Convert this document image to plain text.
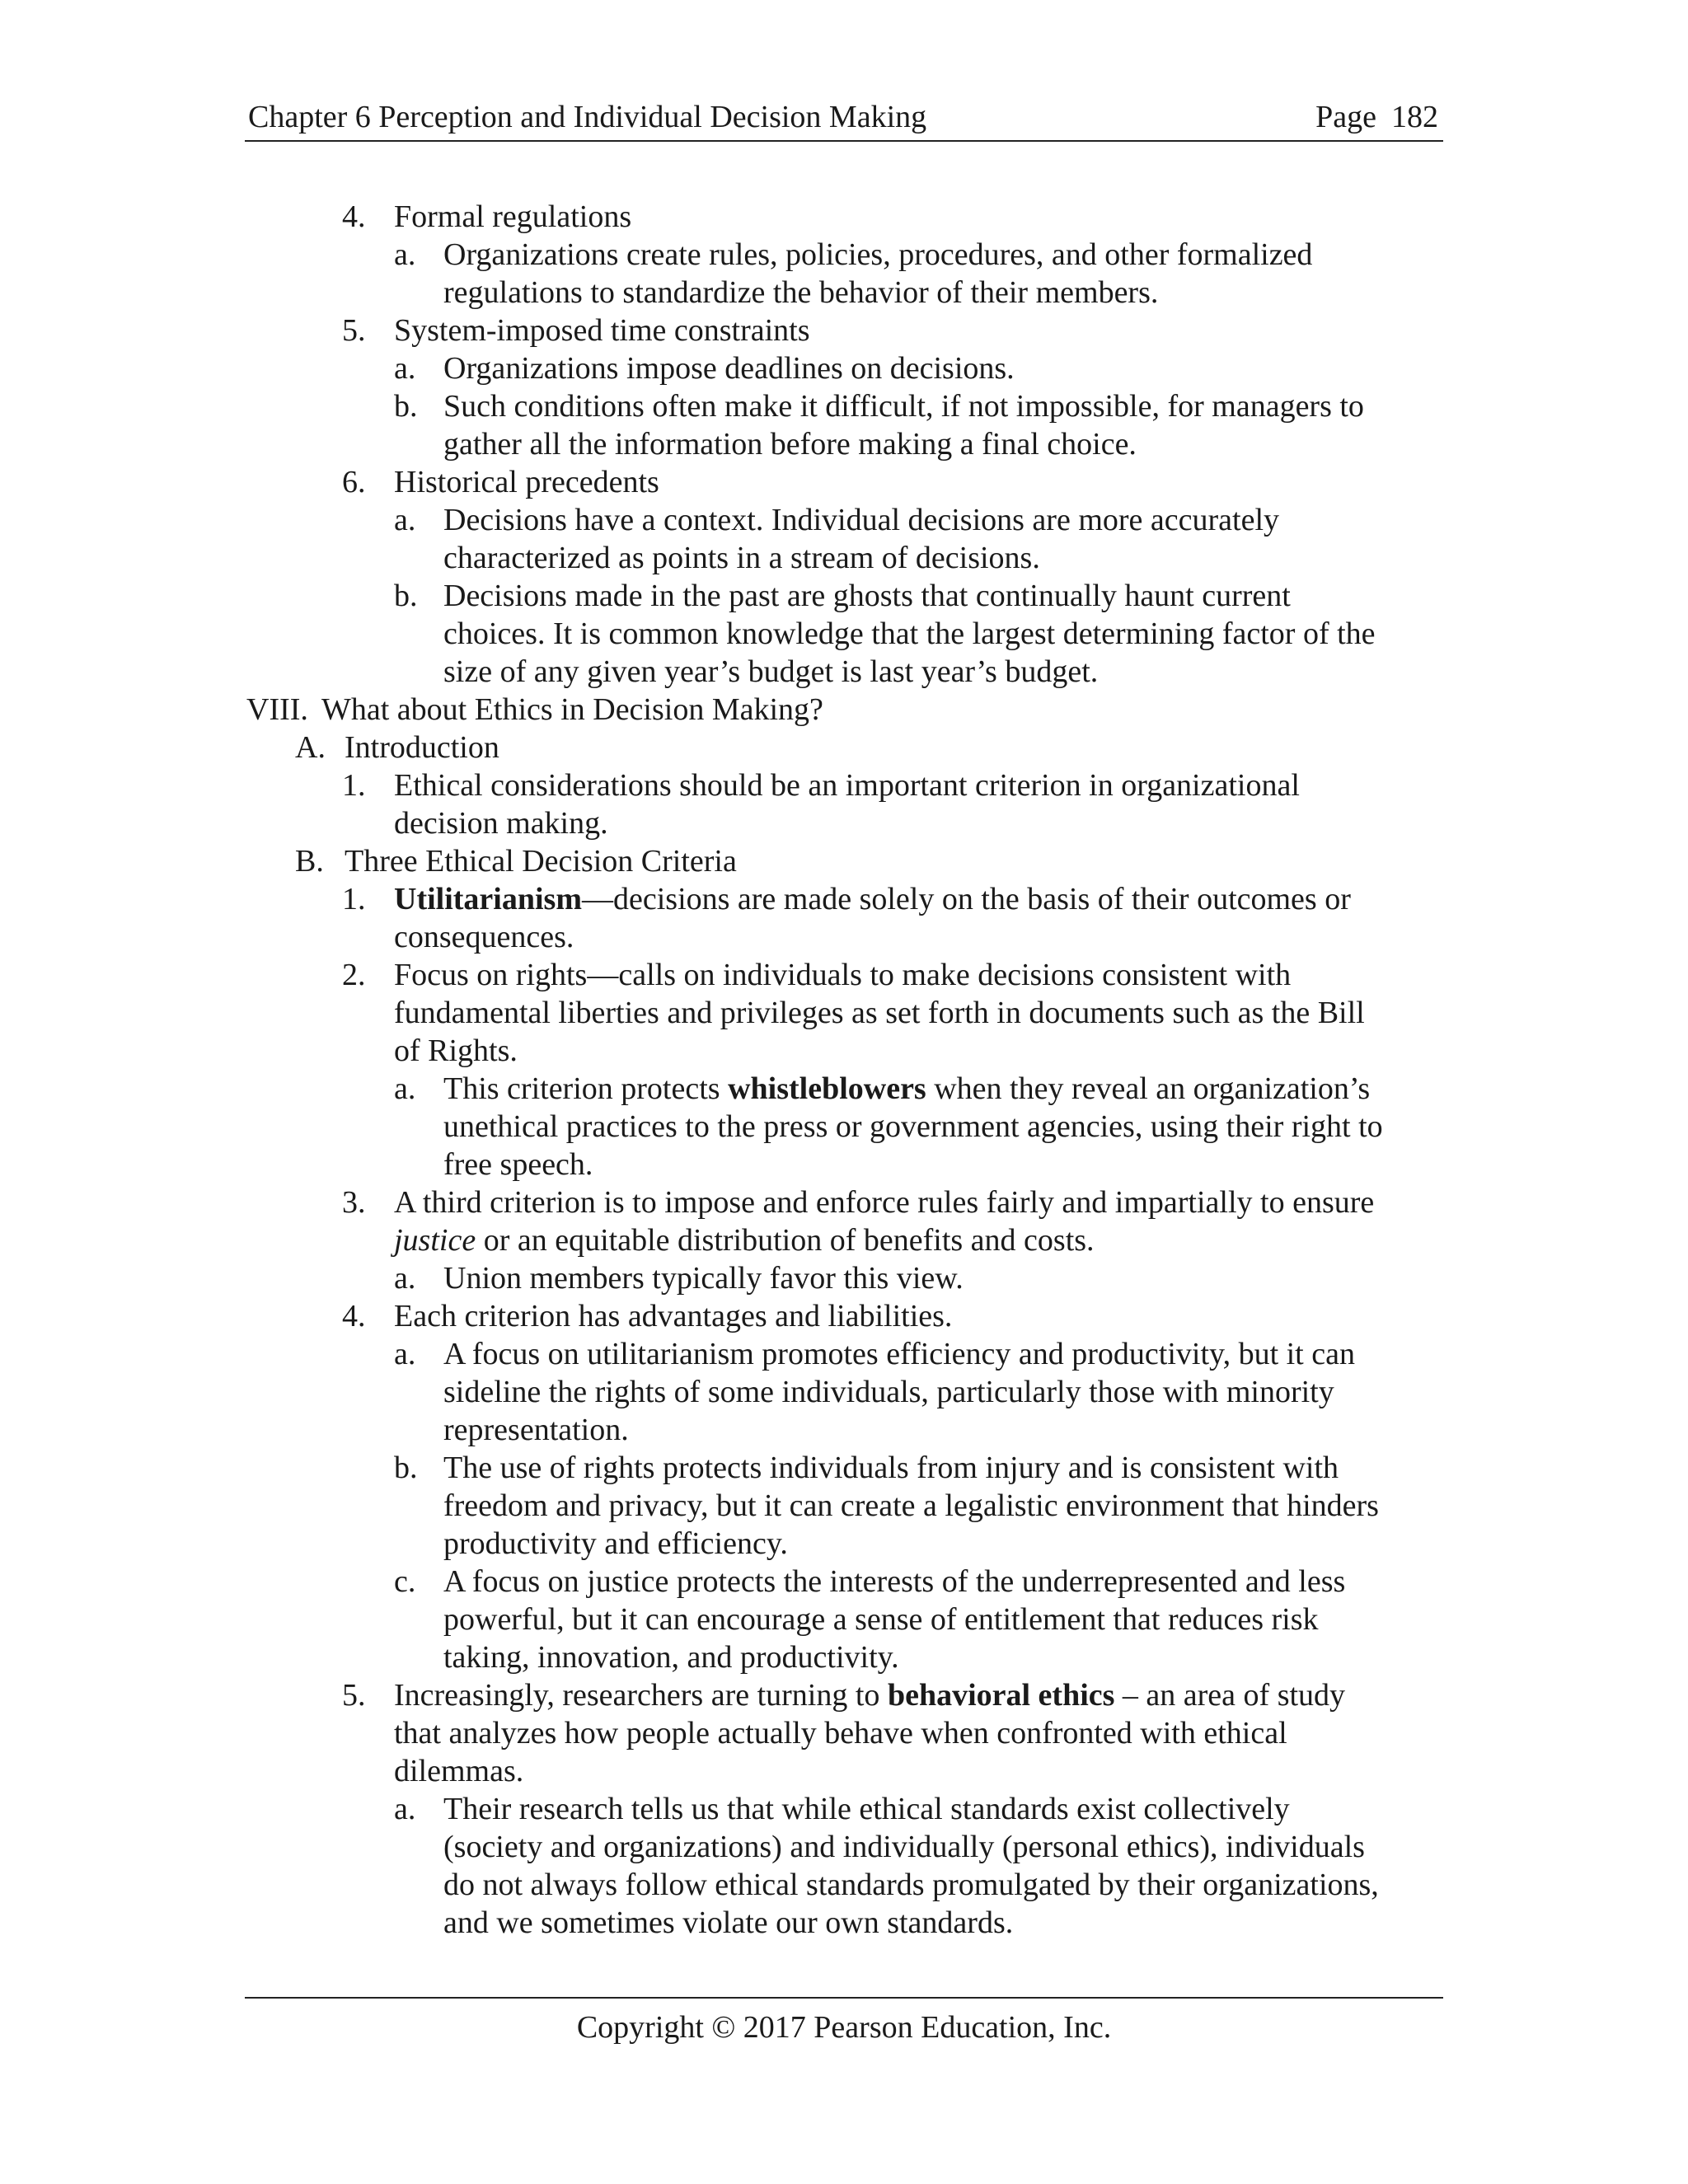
Chapter 6 Perception and Individual Decision Making	Page 182
4. Formal regulations
a. Organizations create rules, policies, procedures, and other formalized
regulations to standardize the behavior of their members.
5. System-imposed time constraints
a. Organizations impose deadlines on decisions.
b. Such conditions often make it difficult, if not impossible, for managers to
gather all the information before making a final choice.
6. Historical precedents
a. Decisions have a context. Individual decisions are more accurately
characterized as points in a stream of decisions.
b. Decisions made in the past are ghosts that continually haunt current
choices. It is common knowledge that the largest determining factor of the
size of any given year’s budget is last year’s budget.
VIII. What about Ethics in Decision Making?
A. Introduction
1. Ethical considerations should be an important criterion in organizational
decision making.
B. Three Ethical Decision Criteria
1. Utilitarianism—decisions are made solely on the basis of their outcomes or
consequences.
2. Focus on rights—calls on individuals to make decisions consistent with
fundamental liberties and privileges as set forth in documents such as the Bill
of Rights.
a. This criterion protects whistleblowers when they reveal an organization’s
unethical practices to the press or government agencies, using their right to
free speech.
3. A third criterion is to impose and enforce rules fairly and impartially to ensure
justice or an equitable distribution of benefits and costs.
a. Union members typically favor this view.
4. Each criterion has advantages and liabilities.
a. A focus on utilitarianism promotes efficiency and productivity, but it can
sideline the rights of some individuals, particularly those with minority
representation.
b. The use of rights protects individuals from injury and is consistent with
freedom and privacy, but it can create a legalistic environment that hinders
productivity and efficiency.
c. A focus on justice protects the interests of the underrepresented and less
powerful, but it can encourage a sense of entitlement that reduces risk
taking, innovation, and productivity.
5. Increasingly, researchers are turning to behavioral ethics – an area of study
that analyzes how people actually behave when confronted with ethical
dilemmas.
a. Their research tells us that while ethical standards exist collectively
(society and organizations) and individually (personal ethics), individuals
do not always follow ethical standards promulgated by their organizations,
and we sometimes violate our own standards.
Copyright © 2017 Pearson Education, Inc.
